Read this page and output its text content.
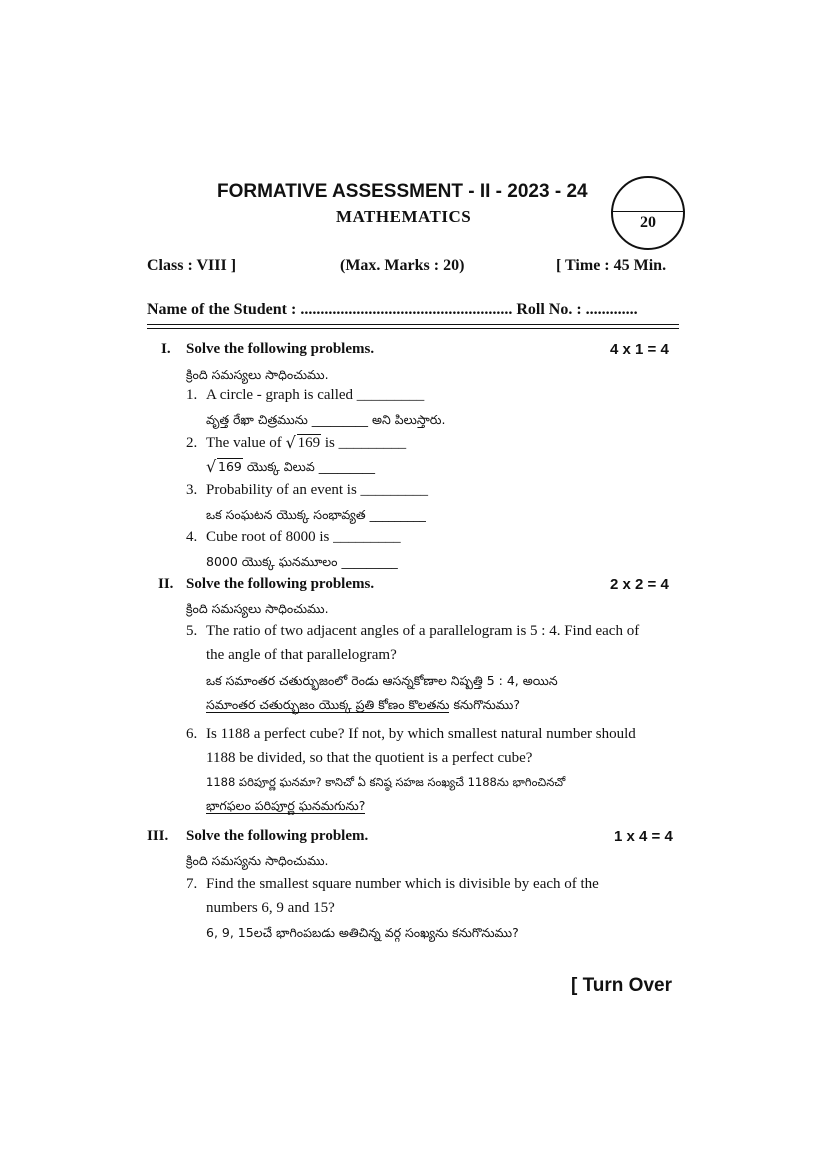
FORMATIVE ASSESSMENT - II - 2023 - 24
MATHEMATICS	20
Class : VIII ]	(Max. Marks : 20)	[ Time : 45 Min.
Name of the Student : ..................................................... Roll No. : .............
I. Solve the following problems.	4 x 1 = 4
క్రింది సమస్యలు సాధించుము.
1. A circle - graph is called _________
వృత్త రేఖా చిత్రమును _________ అని పిలుస్తారు.
2. The value of √ 169 is _________
√ 169 యొక్క విలువ _________
3. Probability of an event is _________
ఒక సంఘటన యొక్క సంభావ్యత _________
4. Cube root of 8000 is _________
8000 యొక్క ఘనమూలం _________
II. Solve the following problems.	2 x 2 = 4
క్రింది సమస్యలు సాధించుము.
5. The ratio of two adjacent angles of a parallelogram is 5 : 4. Find each of
the angle of that parallelogram?
ఒక సమాంతర చతుర్భుజంలో రెండు ఆసన్నకోణాల నిష్పత్తి 5 : 4, అయిన
సమాంతర చతుర్భుజం యొక్క ప్రతి కోణం కొలతను కనుగొనుము?
6. Is 1188 a perfect cube? If not, by which smallest natural number should
1188 be divided, so that the quotient is a perfect cube?
1188 పరిపూర్ణ ఘనమా? కానిచో ఏ కనిష్ఠ సహజ సంఖ్యచే 1188ను భాగించినచో
భాగఫలం పరిపూర్ణ ఘనమగును?
III. Solve the following problem.	1 x 4 = 4
క్రింది సమస్యను సాధించుము.
7. Find the smallest square number which is divisible by each of the
numbers 6, 9 and 15?
6, 9, 15లచే భాగింపబడు అతిచిన్న వర్గ సంఖ్యను కనుగొనుము?
[ Turn Over
